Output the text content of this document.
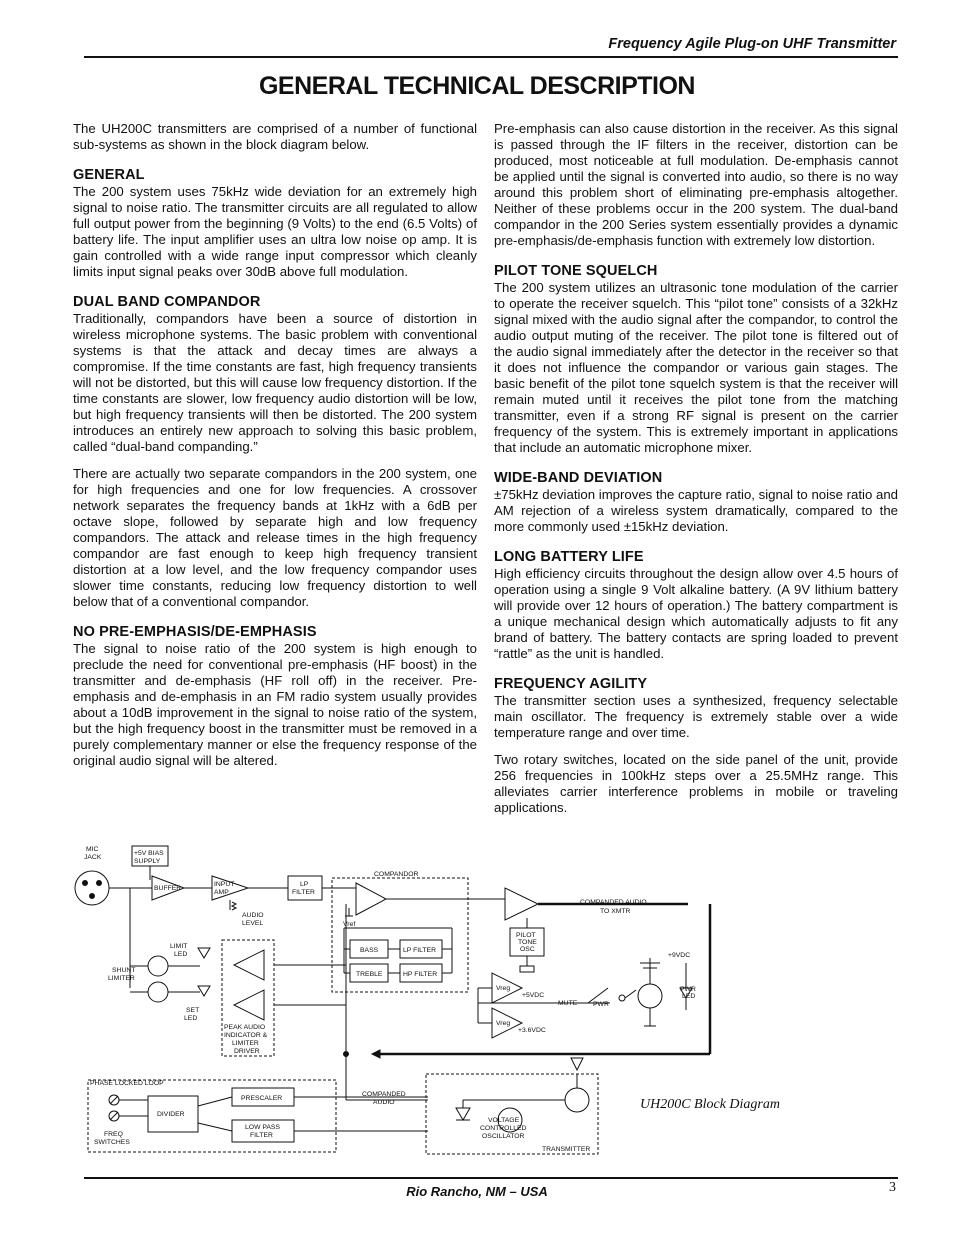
Frequency Agile Plug-on UHF Transmitter
GENERAL TECHNICAL DESCRIPTION

The UH200C transmitters are comprised of a number of functional sub-systems as shown in the block diagram below.

GENERAL

The 200 system uses 75kHz wide deviation for an extremely high signal to noise ratio. The transmitter circuits are all regulated to allow full output power from the beginning (9 Volts) to the end (6.5 Volts) of battery life. The input amplifier uses an ultra low noise op amp. It is gain controlled with a wide range input compressor which cleanly limits input signal peaks over 30dB above full modulation.

DUAL BAND COMPANDOR

Traditionally, compandors have been a source of distortion in wireless microphone systems. The basic problem with conventional systems is that the attack and decay times are always a compromise. If the time constants are fast, high frequency transients will not be distorted, but this will cause low frequency distortion. If the time constants are slower, low frequency audio distortion will be low, but high frequency transients will then be distorted. The 200 system introduces an entirely new approach to solving this basic problem, called “dual-band companding.”

There are actually two separate compandors in the 200 system, one for high frequencies and one for low frequencies. A crossover network separates the frequency bands at 1kHz with a 6dB per octave slope, followed by separate high and low frequency compandors. The attack and release times in the high frequency compandor are fast enough to keep high frequency transient distortion at a low level, and the low frequency compandor uses slower time constants, reducing low frequency distortion to well below that of a conventional compandor.

NO PRE-EMPHASIS/DE-EMPHASIS

The signal to noise ratio of the 200 system is high enough to preclude the need for conventional pre-emphasis (HF boost) in the transmitter and de-emphasis (HF roll off) in the receiver. Pre-emphasis and de-emphasis in an FM radio system usually provides about a 10dB improvement in the signal to noise ratio of the system, but the high frequency boost in the transmitter must be removed in a purely complementary manner or else the frequency response of the original audio signal will be altered.

Pre-emphasis can also cause distortion in the receiver. As this signal is passed through the IF filters in the receiver, distortion can be produced, most noticeable at full modulation. De-emphasis cannot be applied until the signal is converted into audio, so there is no way around this problem short of eliminating pre-emphasis altogether. Neither of these problems occur in the 200 system. The dual-band compandor in the 200 Series system essentially provides a dynamic pre-emphasis/de-emphasis function with extremely low distortion.

PILOT TONE SQUELCH

The 200 system utilizes an ultrasonic tone modulation of the carrier to operate the receiver squelch. This “pilot tone” consists of a 32kHz signal mixed with the audio signal after the compandor, to control the audio output muting of the receiver. The pilot tone is filtered out of the audio signal immediately after the detector in the receiver so that it does not influence the compandor or various gain stages. The basic benefit of the pilot tone squelch system is that the receiver will remain muted until it receives the pilot tone from the matching transmitter, even if a strong RF signal is present on the carrier frequency of the system. This is extremely important in applications that include an automatic microphone mixer.

WIDE-BAND DEVIATION

±75kHz deviation improves the capture ratio, signal to noise ratio and AM rejection of a wireless system dramatically, compared to the more commonly used ±15kHz deviation.

LONG BATTERY LIFE

High efficiency circuits throughout the design allow over 4.5 hours of operation using a single 9 Volt alkaline battery. (A 9V lithium battery will provide over 12 hours of operation.) The battery compartment is a unique mechanical design which automatically adjusts to fit any brand of battery. The battery contacts are spring loaded to prevent “rattle” as the unit is handled.

FREQUENCY AGILITY

The transmitter section uses a synthesized, frequency selectable main oscillator. The frequency is extremely stable over a wide temperature range and over time.

Two rotary switches, located on the side panel of the unit, provide 256 frequencies in 100kHz steps over a 25.5MHz range. This alleviates carrier interference problems in mobile or traveling applications.

MIC
JACK
+5V BIAS
SUPPLY
BUFFER
INPUT
AMP
LP
FILTER
COMPANDOR
AUDIO
LEVEL	Vref
BASS
TREBLE
LP FILTER
HP FILTER
LIMIT
LED
SHUNT
LIMITER
SET
LED
PEAK AUDIO
INDICATOR &
LIMITER
DRIVER
COMPANDED AUDIO
TO XMTR
PILOT
TONE
OSC
+9VDC
Vreg
+5VDC
Vreg
+3.6VDC
MUTE PWR
PWR
LED
PHASE LOCKED LOOP
DIVIDER
PRESCALER
LOW PASS
FILTER
FREQ
SWITCHES
COMPANDED
AUDIO
VOLTAGE
CONTROLLED
OSCILLATOR
TRANSMITTER
UH200C Block Diagram
Rio Rancho, NM – USA	3
